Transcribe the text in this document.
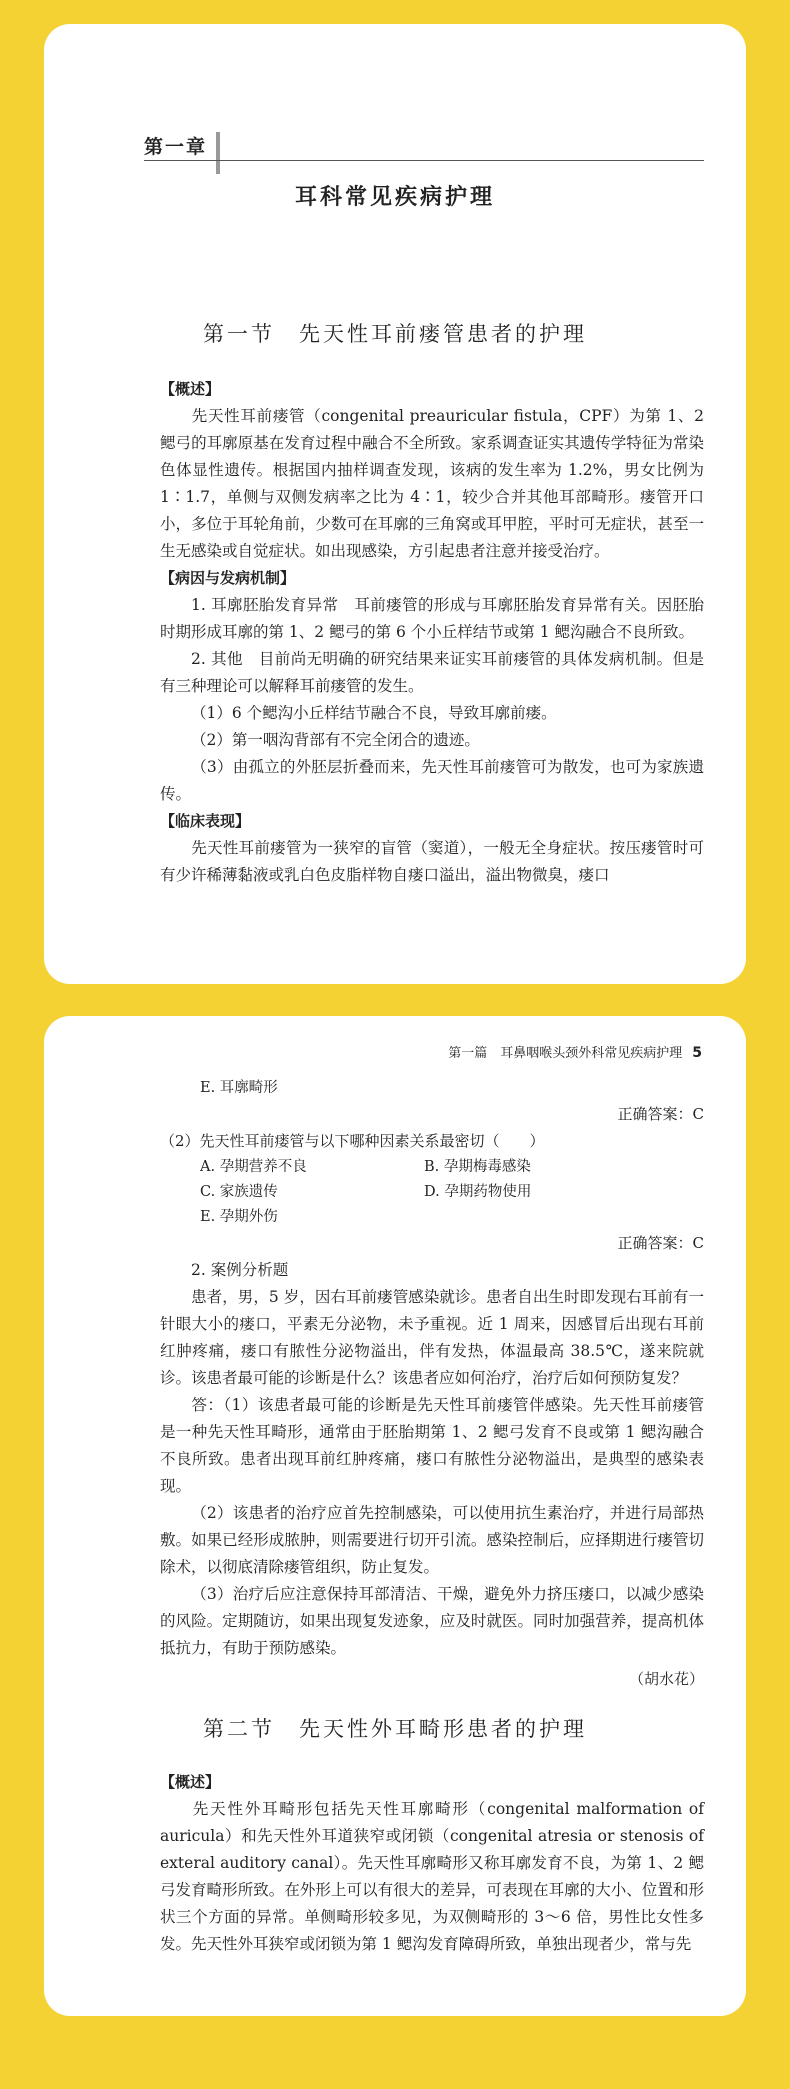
第一章
耳科常见疾病护理
第一节 先天性耳前瘘管患者的护理

【概述】

先天性耳前瘘管（congenital preauricular fistula，CPF）为第 1、2 鳃弓的耳廓原基在发育过程中融合不全所致。家系调查证实其遗传学特征为常染色体显性遗传。根据国内抽样调查发现，该病的发生率为 1.2%，男女比例为 1∶1.7，单侧与双侧发病率之比为 4∶1，较少合并其他耳部畸形。瘘管开口小，多位于耳轮角前，少数可在耳廓的三角窝或耳甲腔，平时可无症状，甚至一生无感染或自觉症状。如出现感染，方引起患者注意并接受治疗。

【病因与发病机制】

1. 耳廓胚胎发育异常　耳前瘘管的形成与耳廓胚胎发育异常有关。因胚胎时期形成耳廓的第 1、2 鳃弓的第 6 个小丘样结节或第 1 鳃沟融合不良所致。

2. 其他　目前尚无明确的研究结果来证实耳前瘘管的具体发病机制。但是有三种理论可以解释耳前瘘管的发生。

（1）6 个鳃沟小丘样结节融合不良，导致耳廓前瘘。

（2）第一咽沟背部有不完全闭合的遗迹。

（3）由孤立的外胚层折叠而来，先天性耳前瘘管可为散发，也可为家族遗传。

【临床表现】

先天性耳前瘘管为一狭窄的盲管（窦道），一般无全身症状。按压瘘管时可有少许稀薄黏液或乳白色皮脂样物自瘘口溢出，溢出物微臭，瘘口

第一篇　耳鼻咽喉头颈外科常见疾病护理 5

E. 耳廓畸形

正确答案：C

（2）先天性耳前瘘管与以下哪种因素关系最密切（　　）

A. 孕期营养不良	B. 孕期梅毒感染
C. 家族遗传	D. 孕期药物使用
E. 孕期外伤

正确答案：C

2. 案例分析题

患者，男，5 岁，因右耳前瘘管感染就诊。患者自出生时即发现右耳前有一针眼大小的瘘口，平素无分泌物，未予重视。近 1 周来，因感冒后出现右耳前红肿疼痛，瘘口有脓性分泌物溢出，伴有发热，体温最高 38.5℃，遂来院就诊。该患者最可能的诊断是什么？该患者应如何治疗，治疗后如何预防复发？

答：（1）该患者最可能的诊断是先天性耳前瘘管伴感染。先天性耳前瘘管是一种先天性耳畸形，通常由于胚胎期第 1、2 鳃弓发育不良或第 1 鳃沟融合不良所致。患者出现耳前红肿疼痛，瘘口有脓性分泌物溢出，是典型的感染表现。

（2）该患者的治疗应首先控制感染，可以使用抗生素治疗，并进行局部热敷。如果已经形成脓肿，则需要进行切开引流。感染控制后，应择期进行瘘管切除术，以彻底清除瘘管组织，防止复发。

（3）治疗后应注意保持耳部清洁、干燥，避免外力挤压瘘口，以减少感染的风险。定期随访，如果出现复发迹象，应及时就医。同时加强营养，提高机体抵抗力，有助于预防感染。

（胡水花）

第二节 先天性外耳畸形患者的护理

【概述】

先天性外耳畸形包括先天性耳廓畸形（congenital malformation of auricula）和先天性外耳道狭窄或闭锁（congenital atresia or stenosis of exteral auditory canal）。先天性耳廓畸形又称耳廓发育不良，为第 1、2 鳃弓发育畸形所致。在外形上可以有很大的差异，可表现在耳廓的大小、位置和形状三个方面的异常。单侧畸形较多见，为双侧畸形的 3～6 倍，男性比女性多发。先天性外耳狭窄或闭锁为第 1 鳃沟发育障碍所致，单独出现者少，常与先
